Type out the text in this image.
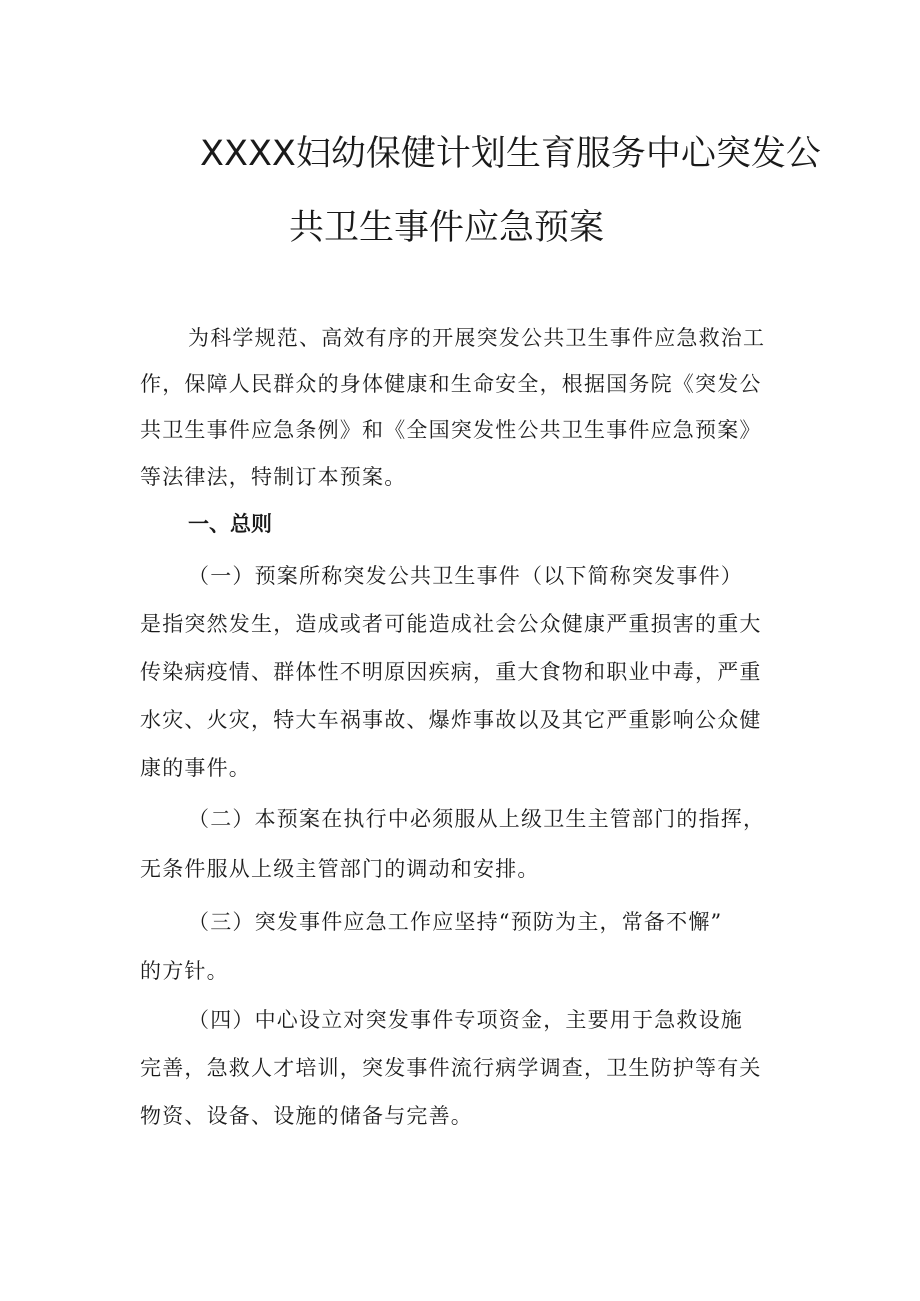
XXXX妇幼保健计划生育服务中心突发公
共卫生事件应急预案
为科学规范、高效有序的开展突发公共卫生事件应急救治工
作，保障人民群众的身体健康和生命安全，根据国务院《突发公
共卫生事件应急条例》和《全国突发性公共卫生事件应急预案》
等法律法，特制订本预案。
一、总则
（一）预案所称突发公共卫生事件（以下简称突发事件）
是指突然发生，造成或者可能造成社会公众健康严重损害的重大
传染病疫情、群体性不明原因疾病，重大食物和职业中毒，严重
水灾、火灾，特大车祸事故、爆炸事故以及其它严重影响公众健
康的事件。
（二）本预案在执行中必须服从上级卫生主管部门的指挥，
无条件服从上级主管部门的调动和安排。
（三）突发事件应急工作应坚持“预防为主，常备不懈”
的方针。
（四）中心设立对突发事件专项资金，主要用于急救设施
完善，急救人才培训，突发事件流行病学调查，卫生防护等有关
物资、设备、设施的储备与完善。
